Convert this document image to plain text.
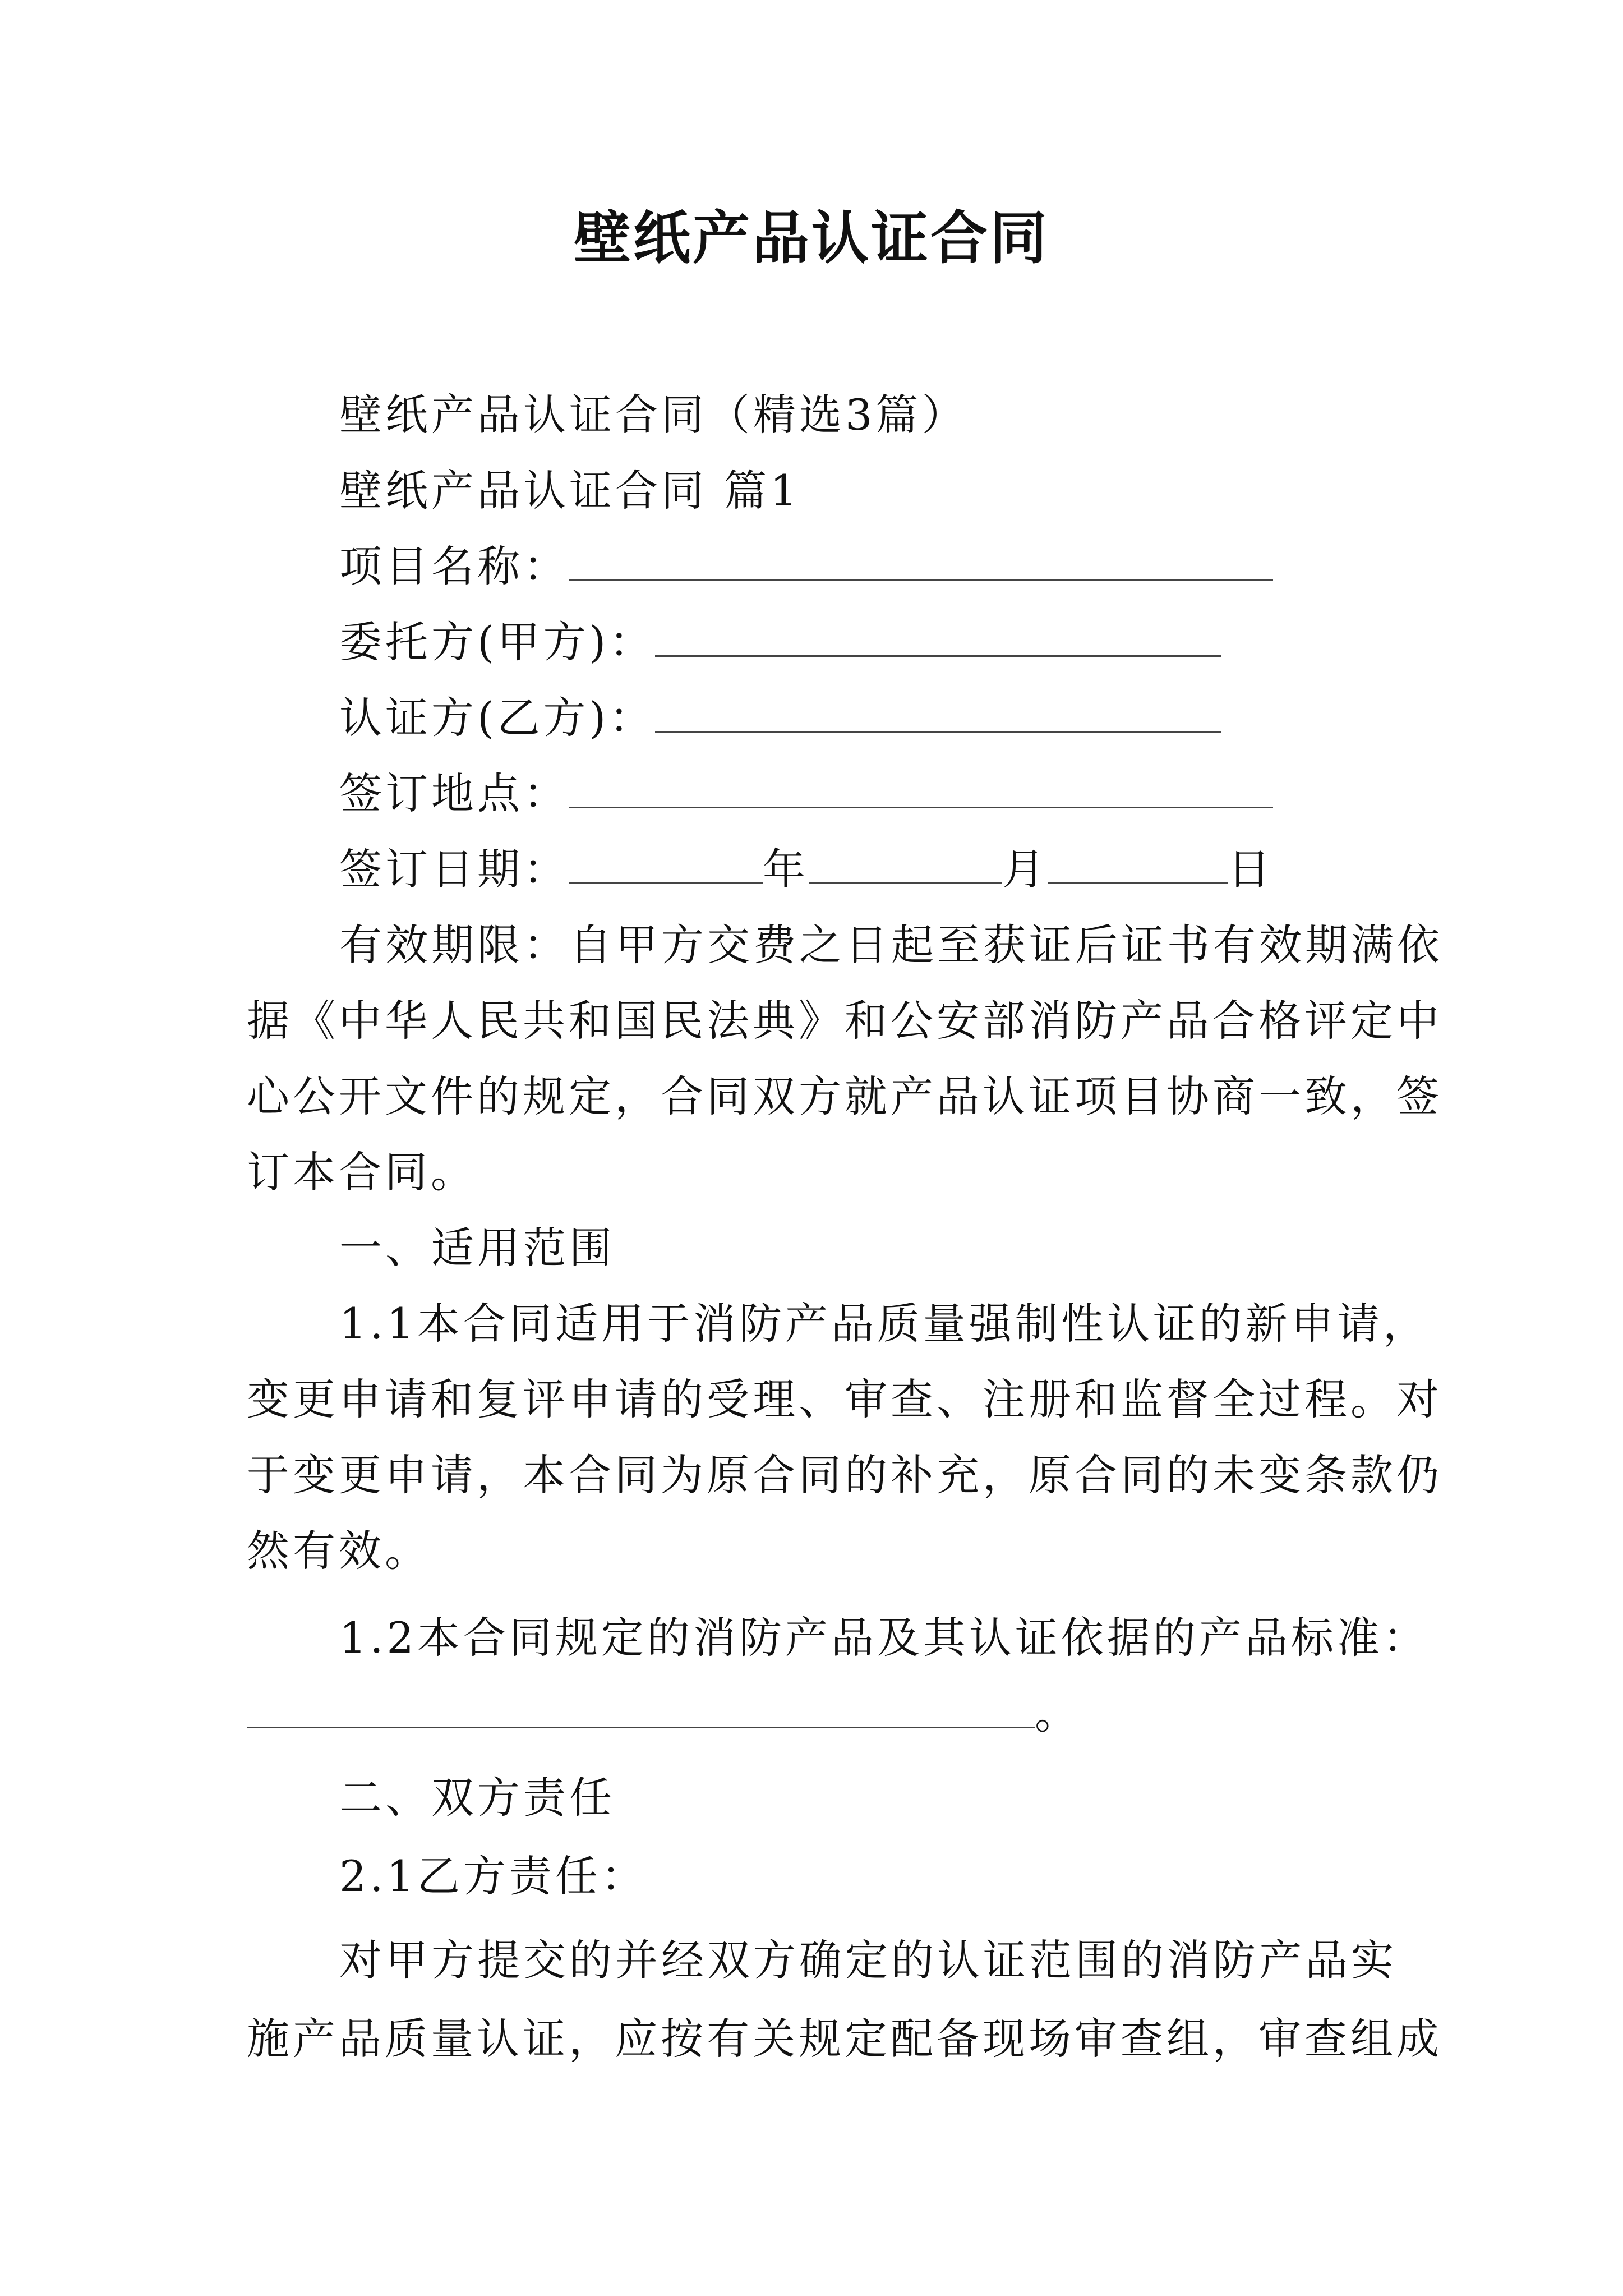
壁纸产品认证合同
壁纸产品认证合同（精选3篇）
壁纸产品认证合同 篇1
项目名称：
委托方(甲方)：
认证方(乙方)：
签订地点：
签订日期：	年	月	日
有效期限：自甲方交费之日起至获证后证书有效期满依
据《中华人民共和国民法典》和公安部消防产品合格评定中
心公开文件的规定，合同双方就产品认证项目协商一致，签
订本合同。
一、适用范围
1.1本合同适用于消防产品质量强制性认证的新申请，
变更申请和复评申请的受理、审查、注册和监督全过程。对
于变更申请，本合同为原合同的补充，原合同的未变条款仍
然有效。
1.2本合同规定的消防产品及其认证依据的产品标准：
。
二、双方责任
2.1乙方责任：
对甲方提交的并经双方确定的认证范围的消防产品实
施产品质量认证，应按有关规定配备现场审查组，审查组成
